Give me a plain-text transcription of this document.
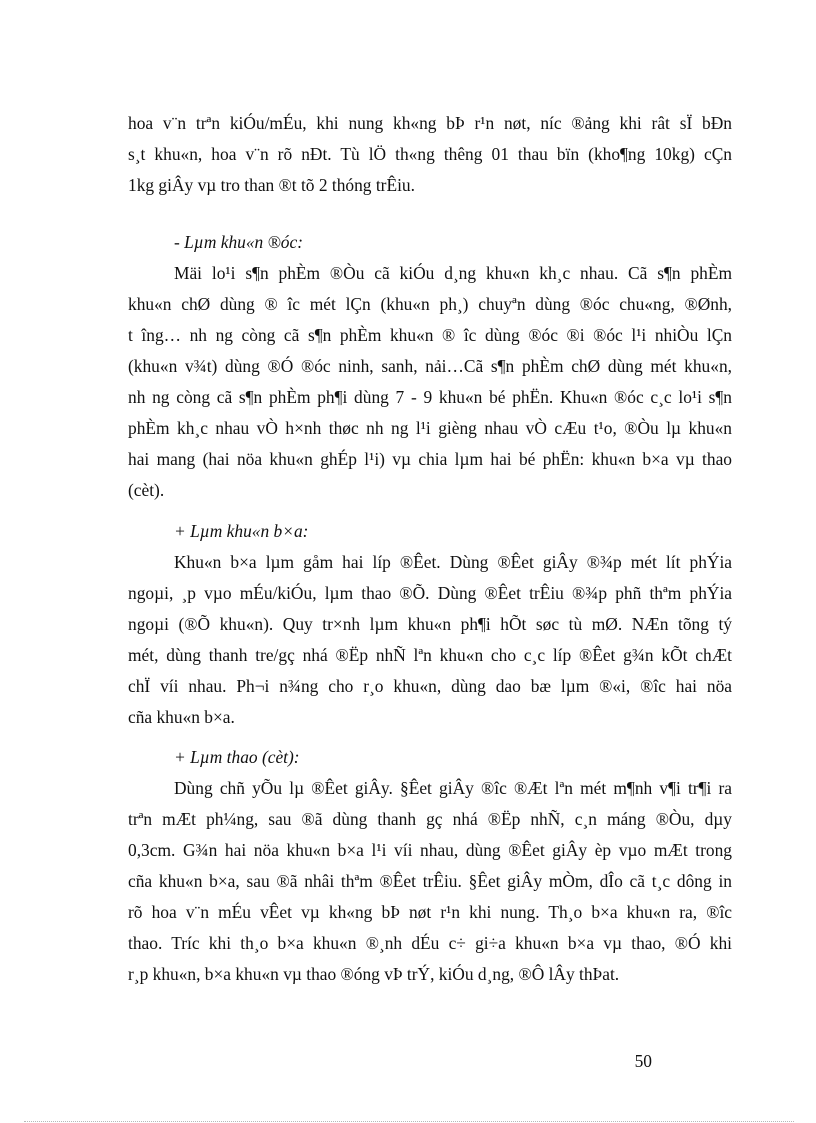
hoa v¨n trªn kiÓu/mÉu, khi nung kh«ng bÞ r¹n nøt, níc ®ảng khi rât sÏ bÐn
s¸t khu«n, hoa v¨n rõ nÐt. Tù lÖ th«ng thêng 01 thau bïn (kho¶ng 10kg) cÇn
1kg giÂy vµ tro than ®t tõ 2 thóng trÊiu.
- Lµm khu«n ®óc:
Mäi lo¹i s¶n phÈm ®Òu cã kiÓu d¸ng khu«n kh¸c nhau. Cã s¶n phÈm
khu«n chØ dùng ® îc mét lÇn (khu«n ph¸) chuyªn dùng ®óc chu«ng, ®Ønh,
t îng… nh ng còng cã s¶n phÈm khu«n ® îc dùng ®óc ®i ®óc l¹i nhiÒu lÇn
(khu«n v¾t) dùng ®Ó ®óc ninh, sanh, nải…Cã s¶n phÈm chØ dùng mét khu«n,
nh ng còng cã s¶n phÈm ph¶i dùng 7 - 9 khu«n bé phËn. Khu«n ®óc c¸c lo¹i s¶n
phÈm kh¸c nhau vÒ h×nh thøc nh ng l¹i gièng nhau vÒ cÆu t¹o, ®Òu lµ khu«n
hai mang (hai nöa khu«n ghÉp l¹i) vµ chia lµm hai bé phËn: khu«n b×a vµ thao
(cèt).
+ Lµm khu«n b×a:
Khu«n b×a lµm gåm hai líp ®Êet. Dùng ®Êet giÂy ®¾p mét lít phÝia
ngoµi, ¸p vµo mÉu/kiÓu, lµm thao ®Õ. Dùng ®Êet trÊiu ®¾p phñ thªm phÝia
ngoµi (®Õ khu«n). Quy tr×nh lµm khu«n ph¶i hÕt søc tù mØ. NÆn tõng tý
mét, dùng thanh tre/gç nhá ®Ëp nhÑ lªn khu«n cho c¸c líp ®Êet g¾n kÕt chÆt
chÏ víi nhau. Ph¬i n¾ng cho r¸o khu«n, dùng dao bæ lµm ®«i, ®îc hai nöa
cña khu«n b×a.
+ Lµm thao (cèt):
Dùng chñ yÕu lµ ®Êet giÂy. §Êet giÂy ®îc ®Æt lªn mét m¶nh v¶i tr¶i ra
trªn mÆt ph¼ng, sau ®ã dùng thanh gç nhá ®Ëp nhÑ, c¸n máng ®Òu, dµy
0,3cm. G¾n hai nöa khu«n b×a l¹i víi nhau, dùng ®Êet giÂy èp vµo mÆt trong
cña khu«n b×a, sau ®ã nhâi thªm ®Êet trÊiu. §Êet giÂy mÒm, dÎo cã t¸c dông in
rõ hoa v¨n mÉu vÊet vµ kh«ng bÞ nøt r¹n khi nung. Th¸o b×a khu«n ra, ®îc
thao. Tríc khi th¸o b×a khu«n ®¸nh dÉu c÷ gi÷a khu«n b×a vµ thao, ®Ó khi
r¸p khu«n, b×a khu«n vµ thao ®óng vÞ trÝ, kiÓu d¸ng, ®Ô lÂy thÞat.
50
